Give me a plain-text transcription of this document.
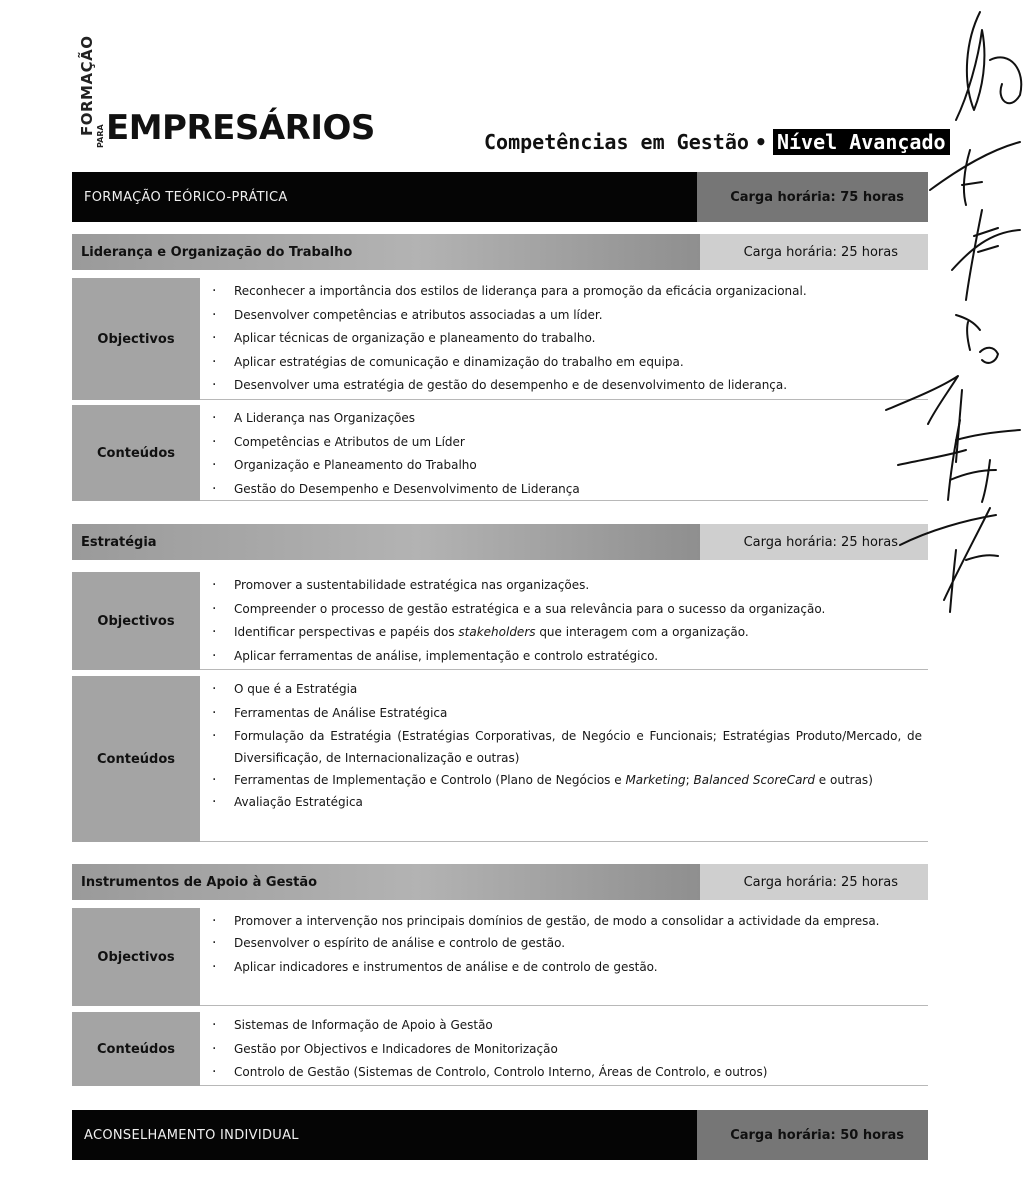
FORMAÇÃO
PARA EMPRESÁRIOS	Competências em Gestão • Nível Avançado
FORMAÇÃO TEÓRICO-PRÁTICA	Carga horária: 75 horas
Liderança e Organização do Trabalho	Carga horária: 25 horas
Objectivos
· Reconhecer a importância dos estilos de liderança para a promoção da eficácia organizacional.
· Desenvolver competências e atributos associadas a um líder.
· Aplicar técnicas de organização e planeamento do trabalho.
· Aplicar estratégias de comunicação e dinamização do trabalho em equipa.
· Desenvolver uma estratégia de gestão do desempenho e de desenvolvimento de liderança.
Conteúdos
· A Liderança nas Organizações
· Competências e Atributos de um Líder
· Organização e Planeamento do Trabalho
· Gestão do Desempenho e Desenvolvimento de Liderança
Estratégia	Carga horária: 25 horas
Objectivos
· Promover a sustentabilidade estratégica nas organizações.
· Compreender o processo de gestão estratégica e a sua relevância para o sucesso da organização.
· Identificar perspectivas e papéis dos stakeholders que interagem com a organização.
· Aplicar ferramentas de análise, implementação e controlo estratégico.
Conteúdos
· O que é a Estratégia
· Ferramentas de Análise Estratégica
· Formulação da Estratégia (Estratégias Corporativas, de Negócio e Funcionais; Estratégias Produto/Mercado, de Diversificação, de Internacionalização e outras)
· Ferramentas de Implementação e Controlo (Plano de Negócios e Marketing; Balanced ScoreCard e outras)
· Avaliação Estratégica
Instrumentos de Apoio à Gestão	Carga horária: 25 horas
Objectivos
· Promover a intervenção nos principais domínios de gestão, de modo a consolidar a actividade da empresa.
· Desenvolver o espírito de análise e controlo de gestão.
· Aplicar indicadores e instrumentos de análise e de controlo de gestão.
Conteúdos
· Sistemas de Informação de Apoio à Gestão
· Gestão por Objectivos e Indicadores de Monitorização
· Controlo de Gestão (Sistemas de Controlo, Controlo Interno, Áreas de Controlo, e outros)
ACONSELHAMENTO INDIVIDUAL	Carga horária: 50 horas
